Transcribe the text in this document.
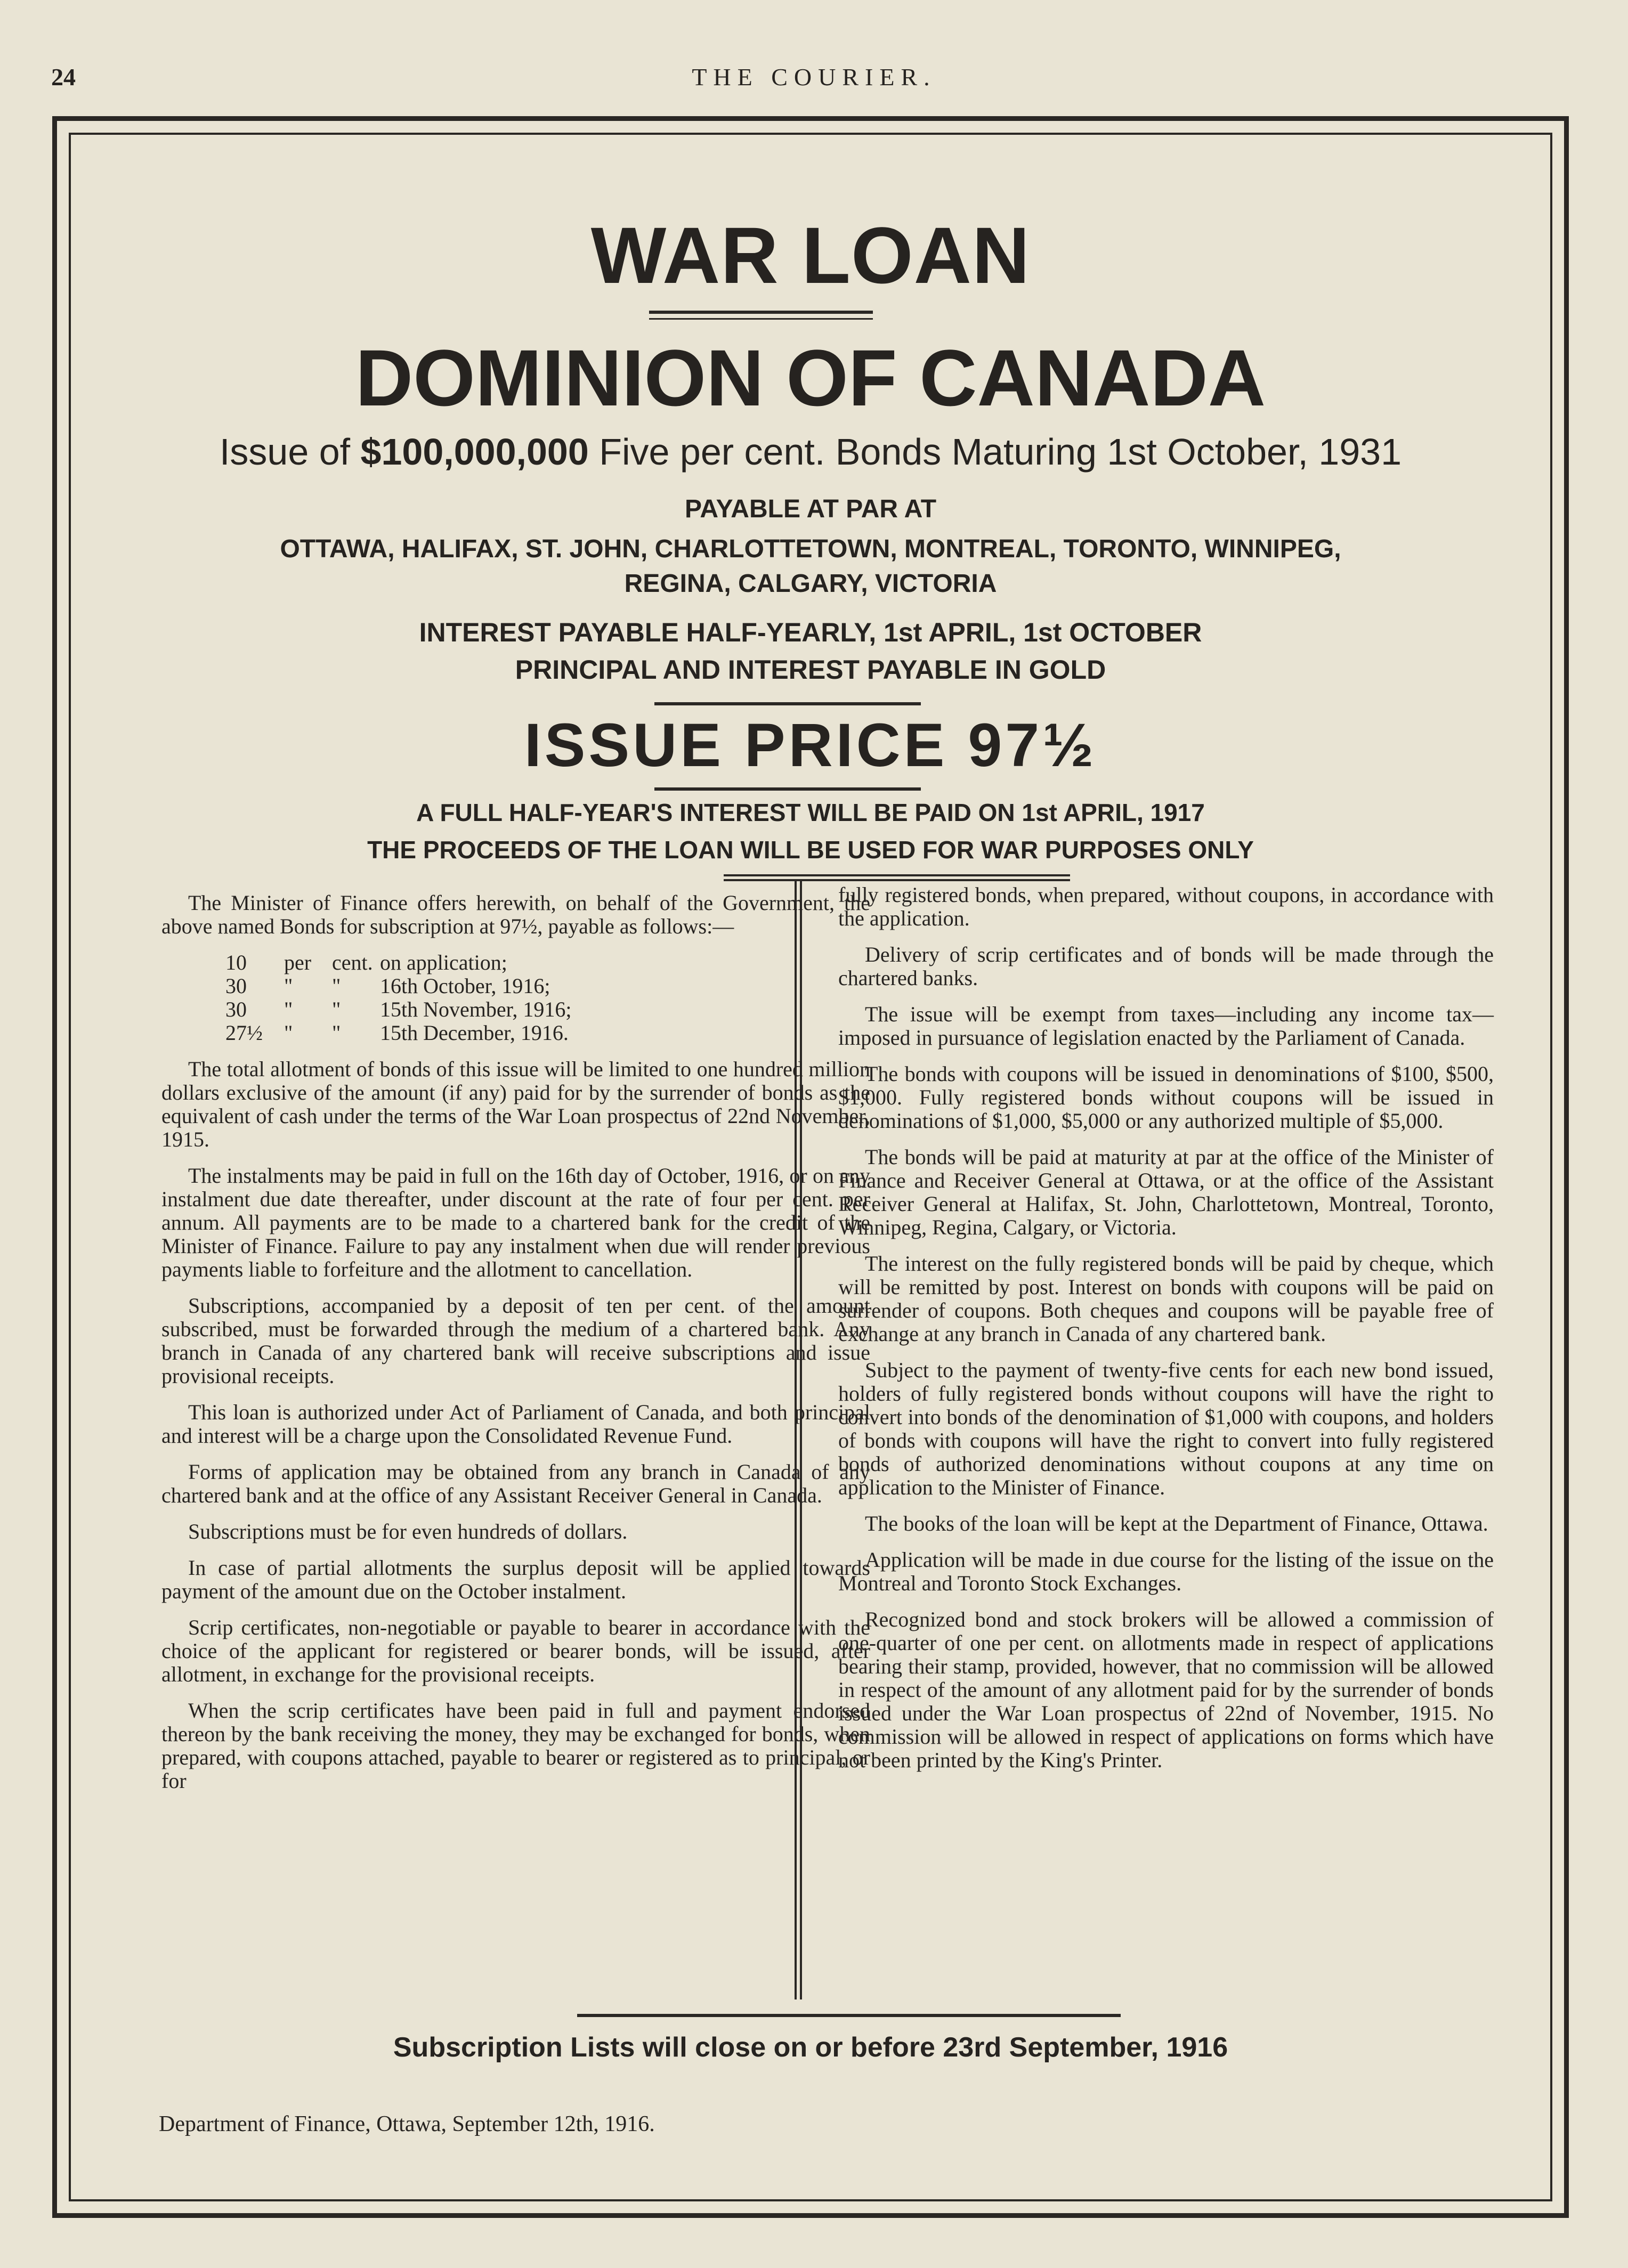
24	THE COURIER.
WAR LOAN
DOMINION OF CANADA
Issue of $100,000,000 Five per cent. Bonds Maturing 1st October, 1931
PAYABLE AT PAR AT
OTTAWA, HALIFAX, ST. JOHN, CHARLOTTETOWN, MONTREAL, TORONTO, WINNIPEG,
REGINA, CALGARY, VICTORIA
INTEREST PAYABLE HALF-YEARLY, 1st APRIL, 1st OCTOBER
PRINCIPAL AND INTEREST PAYABLE IN GOLD
ISSUE PRICE 97½
A FULL HALF-YEAR'S INTEREST WILL BE PAID ON 1st APRIL, 1917
THE PROCEEDS OF THE LOAN WILL BE USED FOR WAR PURPOSES ONLY

The Minister of Finance offers herewith, on behalf of the Government, the above named Bonds for subscription at 97½, payable as follows:—

10	per cent. on application;
30	"	"	16th October, 1916;
30	"	"	15th November, 1916;
27½	"	"	15th December, 1916.

The total allotment of bonds of this issue will be limited to one hundred million dollars exclusive of the amount (if any) paid for by the surrender of bonds as the equivalent of cash under the terms of the War Loan prospectus of 22nd November, 1915.

The instalments may be paid in full on the 16th day of October, 1916, or on any instalment due date thereafter, under discount at the rate of four per cent. per annum. All payments are to be made to a chartered bank for the credit of the Minister of Finance. Failure to pay any instalment when due will render previous payments liable to forfeiture and the allotment to cancellation.

Subscriptions, accompanied by a deposit of ten per cent. of the amount subscribed, must be forwarded through the medium of a chartered bank. Any branch in Canada of any chartered bank will receive subscriptions and issue provisional receipts.

This loan is authorized under Act of Parliament of Canada, and both principal and interest will be a charge upon the Consolidated Revenue Fund.

Forms of application may be obtained from any branch in Canada of any chartered bank and at the office of any Assistant Receiver General in Canada.

Subscriptions must be for even hundreds of dollars.

In case of partial allotments the surplus deposit will be applied towards payment of the amount due on the October instalment.

Scrip certificates, non-negotiable or payable to bearer in accordance with the choice of the applicant for registered or bearer bonds, will be issued, after allotment, in exchange for the provisional receipts.

When the scrip certificates have been paid in full and payment endorsed thereon by the bank receiving the money, they may be exchanged for bonds, when prepared, with coupons attached, payable to bearer or registered as to principal, or for

fully registered bonds, when prepared, without coupons, in accordance with the application.

Delivery of scrip certificates and of bonds will be made through the chartered banks.

The issue will be exempt from taxes—including any income tax—imposed in pursuance of legislation enacted by the Parliament of Canada.

The bonds with coupons will be issued in denominations of $100, $500, $1,000. Fully registered bonds without coupons will be issued in denominations of $1,000, $5,000 or any authorized multiple of $5,000.

The bonds will be paid at maturity at par at the office of the Minister of Finance and Receiver General at Ottawa, or at the office of the Assistant Receiver General at Halifax, St. John, Charlottetown, Montreal, Toronto, Winnipeg, Regina, Calgary, or Victoria.

The interest on the fully registered bonds will be paid by cheque, which will be remitted by post. Interest on bonds with coupons will be paid on surrender of coupons. Both cheques and coupons will be payable free of exchange at any branch in Canada of any chartered bank.

Subject to the payment of twenty-five cents for each new bond issued, holders of fully registered bonds without coupons will have the right to convert into bonds of the denomination of $1,000 with coupons, and holders of bonds with coupons will have the right to convert into fully registered bonds of authorized denominations without coupons at any time on application to the Minister of Finance.

The books of the loan will be kept at the Department of Finance, Ottawa.

Application will be made in due course for the listing of the issue on the Montreal and Toronto Stock Exchanges.

Recognized bond and stock brokers will be allowed a commission of one-quarter of one per cent. on allotments made in respect of applications bearing their stamp, provided, however, that no commission will be allowed in respect of the amount of any allotment paid for by the surrender of bonds issued under the War Loan prospectus of 22nd of November, 1915. No commission will be allowed in respect of applications on forms which have not been printed by the King's Printer.

Subscription Lists will close on or before 23rd September, 1916
Department of Finance, Ottawa, September 12th, 1916.
